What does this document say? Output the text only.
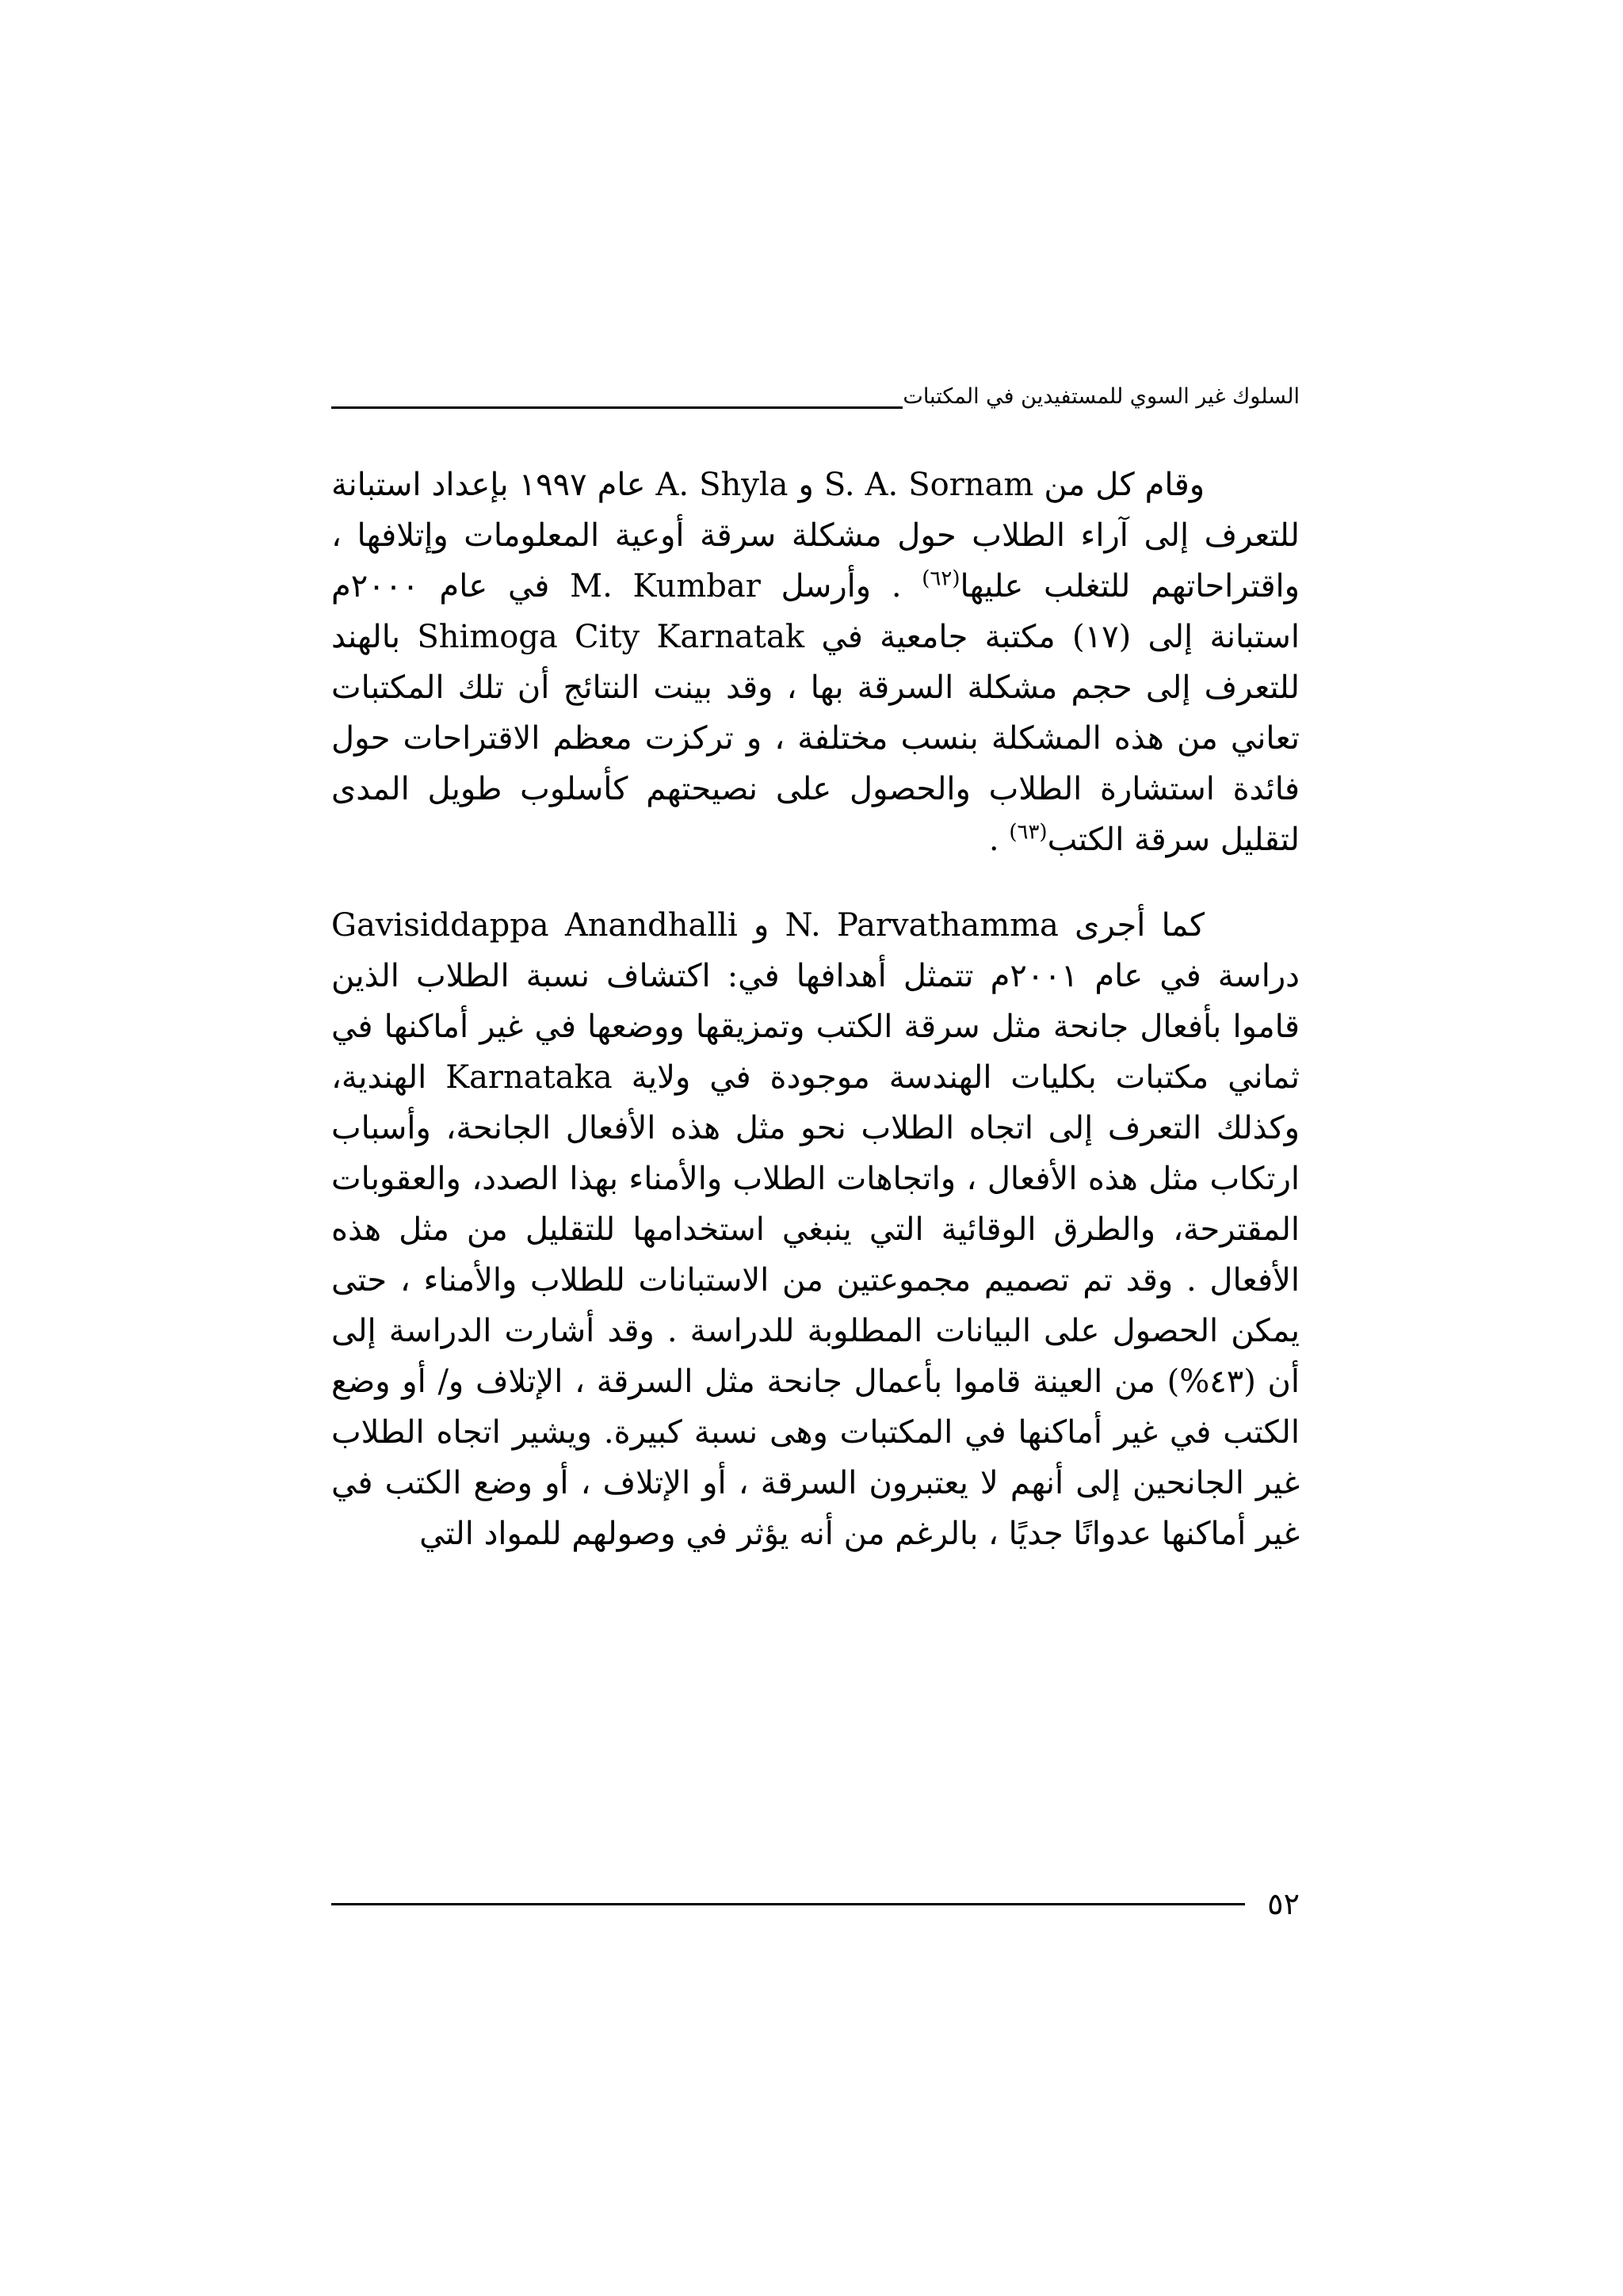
السلوك غير السوي للمستفيدين في المكتبات

وقام كل من S. A. Sornam و A. Shyla عام ١٩٩٧ بإعداد استبانة للتعرف إلى آراء الطلاب حول مشكلة سرقة أوعية المعلومات وإتلافها ، واقتراحاتهم للتغلب عليها$^{(٦٢)}$ . وأرسل M. Kumbar في عام ٢٠٠٠م استبانة إلى (١٧) مكتبة جامعية في Shimoga City Karnatak بالهند للتعرف إلى حجم مشكلة السرقة بها ، وقد بينت النتائج أن تلك المكتبات تعاني من هذه المشكلة بنسب مختلفة ، و تركزت معظم الاقتراحات حول فائدة استشارة الطلاب والحصول على نصيحتهم كأسلوب طويل المدى لتقليل سرقة الكتب$^{(٦٣)}$ .

كما أجرى N. Parvathamma و Gavisiddappa Anandhalli دراسة في عام ٢٠٠١م تتمثل أهدافها في: اكتشاف نسبة الطلاب الذين قاموا بأفعال جانحة مثل سرقة الكتب وتمزيقها ووضعها في غير أماكنها في ثماني مكتبات بكليات الهندسة موجودة في ولاية Karnataka الهندية، وكذلك التعرف إلى اتجاه الطلاب نحو مثل هذه الأفعال الجانحة، وأسباب ارتكاب مثل هذه الأفعال ، واتجاهات الطلاب والأمناء بهذا الصدد، والعقوبات المقترحة، والطرق الوقائية التي ينبغي استخدامها للتقليل من مثل هذه الأفعال . وقد تم تصميم مجموعتين من الاستبانات للطلاب والأمناء ، حتى يمكن الحصول على البيانات المطلوبة للدراسة . وقد أشارت الدراسة إلى أن (٤٣%) من العينة قاموا بأعمال جانحة مثل السرقة ، الإتلاف و/ أو وضع الكتب في غير أماكنها في المكتبات وهى نسبة كبيرة. ويشير اتجاه الطلاب غير الجانحين إلى أنهم لا يعتبرون السرقة ، أو الإتلاف ، أو وضع الكتب في غير أماكنها عدوانًا جديًا ، بالرغم من أنه يؤثر في وصولهم للمواد التي

٥٢
